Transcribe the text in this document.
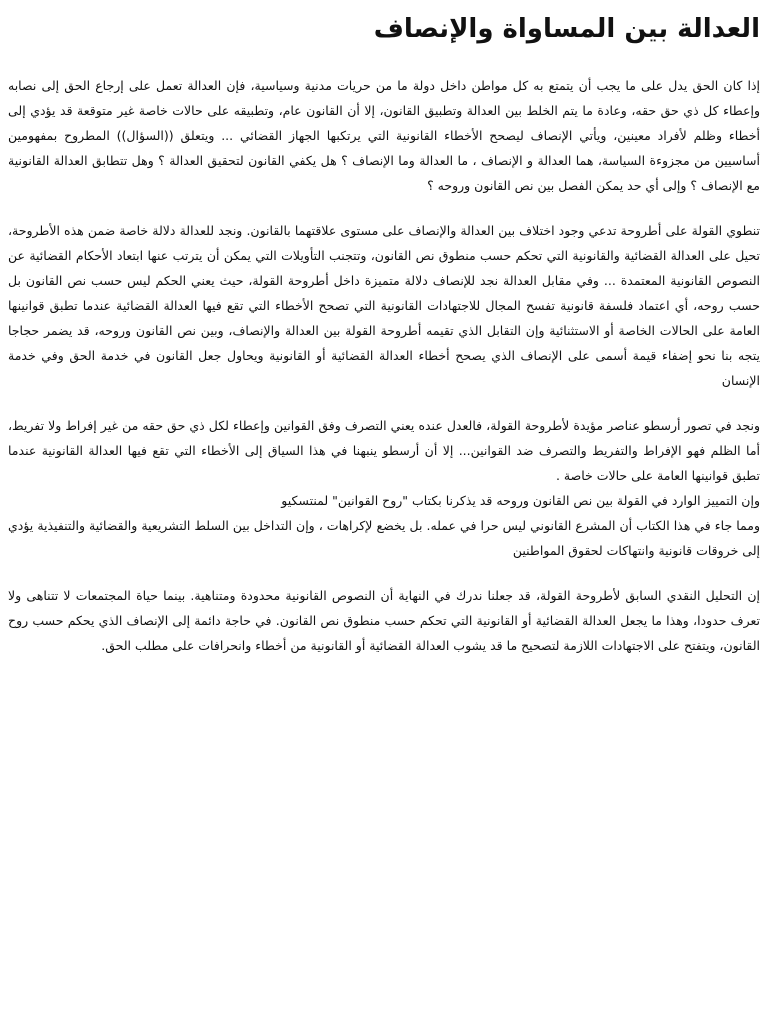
العدالة بين المساواة والإنصاف
إذا كان الحق يدل على ما يجب أن يتمتع به كل مواطن داخل دولة ما من حريات مدنية وسياسية، فإن العدالة تعمل على إرجاع الحق إلى نصابه وإعطاء كل ذي حق حقه، وعادة ما يتم الخلط بين العدالة وتطبيق القانون، إلا أن القانون عام، وتطبيقه على حالات خاصة غير متوقعة قد يؤدي إلى أخطاء وظلم لأفراد معينين، ويأتي الإنصاف ليصحح الأخطاء القانونية التي يرتكبها الجهاز القضائي ... ويتعلق ((السؤال)) المطروح بمفهومين أساسيين من مجزوءة السياسة، هما العدالة و الإنصاف ، ما العدالة وما الإنصاف ؟ هل يكفي القانون لتحقيق العدالة ؟ وهل تتطابق العدالة القانونية مع الإنصاف ؟ وإلى أي حد يمكن الفصل بين نص القانون وروحه ؟
تنطوي القولة على أطروحة تدعي وجود اختلاف بين العدالة والإنصاف على مستوى علاقتهما بالقانون. ونجد للعدالة دلالة خاصة ضمن هذه الأطروحة، تحيل على العدالة القضائية والقانونية التي تحكم حسب منطوق نص القانون، وتتجنب التأويلات التي يمكن أن يترتب عنها ابتعاد الأحكام القضائية عن النصوص القانونية المعتمدة ... وفي مقابل العدالة نجد للإنصاف دلالة متميزة داخل أطروحة القولة، حيث يعني الحكم ليس حسب نص القانون بل حسب روحه، أي اعتماد فلسفة قانونية تفسح المجال للاجتهادات القانونية التي تصحح الأخطاء التي تقع فيها العدالة القضائية عندما تطبق قوانينها العامة على الحالات الخاصة أو الاستثنائية وإن التقابل الذي تقيمه أطروحة القولة بين العدالة والإنصاف، وبين نص القانون وروحه، قد يضمر حجاجا يتجه بنا نحو إضفاء قيمة أسمى على الإنصاف الذي يصحح أخطاء العدالة القضائية أو القانونية ويحاول جعل القانون في خدمة الحق وفي خدمة الإنسان
ونجد في تصور أرسطو عناصر مؤيدة لأطروحة القولة، فالعدل عنده يعني التصرف وفق القوانين وإعطاء لكل ذي حق حقه من غير إفراط ولا تفريط، أما الظلم فهو الإفراط والتفريط والتصرف ضد القوانين... إلا أن أرسطو ينبهنا في هذا السياق إلى الأخطاء التي تقع فيها العدالة القانونية عندما تطبق قوانينها العامة على حالات خاصة .
وإن التمييز الوارد في القولة بين نص القانون وروحه قد يذكرنا بكتاب "روح القوانين" لمنتسكيو
ومما جاء في هذا الكتاب أن المشرع القانوني ليس حرا في عمله. بل يخضع لإكراهات ، وإن التداخل بين السلط التشريعية والقضائية والتنفيذية يؤدي إلى خروقات قانونية وانتهاكات لحقوق المواطنين
إن التحليل النقدي السابق لأطروحة القولة، قد جعلنا ندرك في النهاية أن النصوص القانونية محدودة ومتناهية. بينما حياة المجتمعات لا تتناهى ولا تعرف حدودا، وهذا ما يجعل العدالة القضائية أو القانونية التي تحكم حسب منطوق نص القانون. في حاجة دائمة إلى الإنصاف الذي يحكم حسب روح القانون، ويتفتح على الاجتهادات اللازمة لتصحيح ما قد يشوب العدالة القضائية أو القانونية من أخطاء وانحرافات على مطلب الحق.
